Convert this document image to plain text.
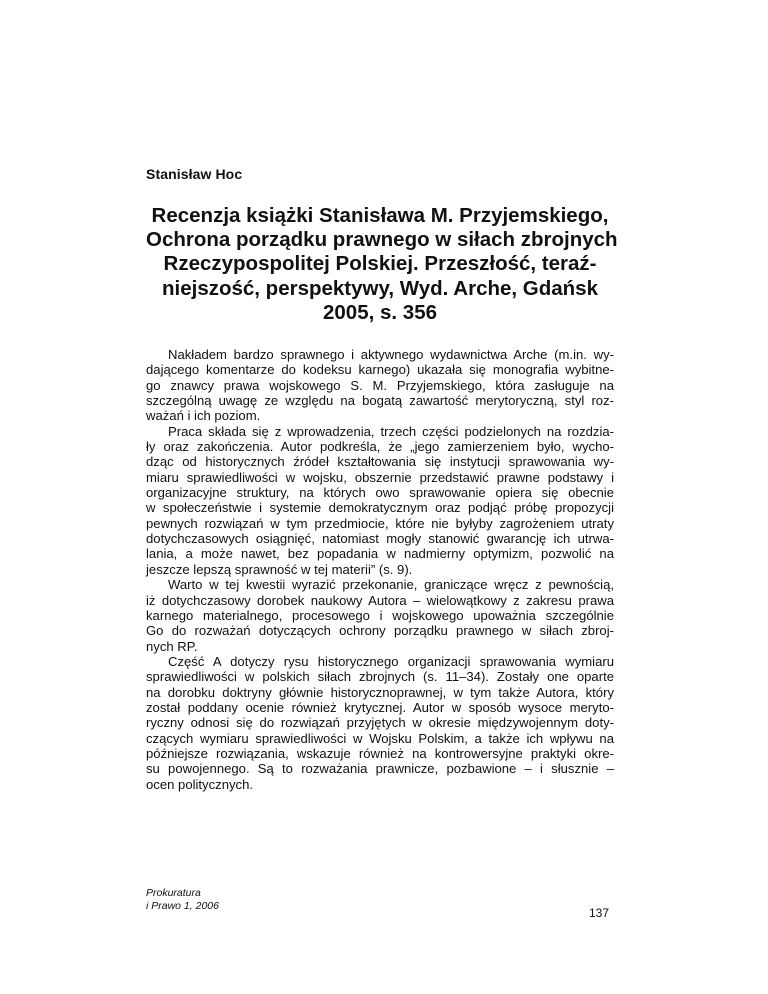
Stanisław Hoc
Recenzja książki Stanisława M. Przyjemskiego,
Ochrona porządku prawnego w siłach zbrojnych
Rzeczypospolitej Polskiej. Przeszłość, teraź-
niejszość, perspektywy, Wyd. Arche, Gdańsk
2005, s. 356
Nakładem bardzo sprawnego i aktywnego wydawnictwa Arche (m.in. wy-
dającego komentarze do kodeksu karnego) ukazała się monografia wybitne-
go znawcy prawa wojskowego S. M. Przyjemskiego, która zasługuje na
szczególną uwagę ze względu na bogatą zawartość merytoryczną, styl roz-
ważań i ich poziom.
Praca składa się z wprowadzenia, trzech części podzielonych na rozdzia-
ły oraz zakończenia. Autor podkreśla, że „jego zamierzeniem było, wycho-
dząc od historycznych źródeł kształtowania się instytucji sprawowania wy-
miaru sprawiedliwości w wojsku, obszernie przedstawić prawne podstawy i
organizacyjne struktury, na których owo sprawowanie opiera się obecnie
w społeczeństwie i systemie demokratycznym oraz podjąć próbę propozycji
pewnych rozwiązań w tym przedmiocie, które nie byłyby zagrożeniem utraty
dotychczasowych osiągnięć, natomiast mogły stanowić gwarancję ich utrwa-
lania, a może nawet, bez popadania w nadmierny optymizm, pozwolić na
jeszcze lepszą sprawność w tej materii” (s. 9).
Warto w tej kwestii wyrazić przekonanie, graniczące wręcz z pewnością,
iż dotychczasowy dorobek naukowy Autora – wielowątkowy z zakresu prawa
karnego materialnego, procesowego i wojskowego upoważnia szczególnie
Go do rozważań dotyczących ochrony porządku prawnego w siłach zbroj-
nych RP.
Część A dotyczy rysu historycznego organizacji sprawowania wymiaru
sprawiedliwości w polskich siłach zbrojnych (s. 11–34). Zostały one oparte
na dorobku doktryny głównie historycznoprawnej, w tym także Autora, który
został poddany ocenie również krytycznej. Autor w sposób wysoce meryto-
ryczny odnosi się do rozwiązań przyjętych w okresie międzywojennym doty-
czących wymiaru sprawiedliwości w Wojsku Polskim, a także ich wpływu na
późniejsze rozwiązania, wskazuje również na kontrowersyjne praktyki okre-
su powojennego. Są to rozważania prawnicze, pozbawione – i słusznie –
ocen politycznych.
Prokuratura
i Prawo 1, 2006
137
